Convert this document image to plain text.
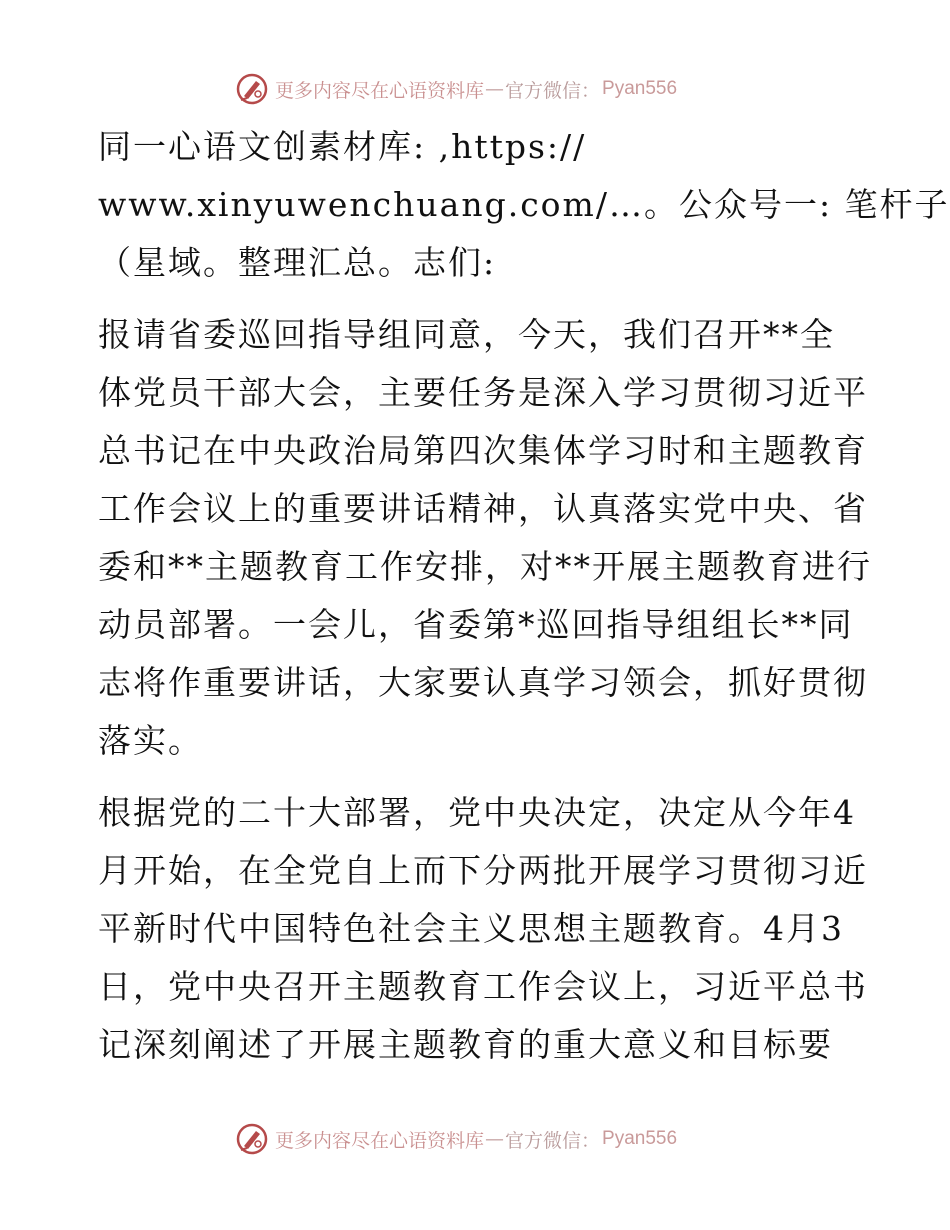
更多内容尽在心语资料库 — 官方微信： Pyan556
同一心语文创素材库: ,https://
www.xinyuwenchuang.com/…。公众号一: 笔杆子
（星域。整理汇总。志们:
报请省委巡回指导组同意，今天，我们召开**全
体党员干部大会，主要任务是深入学习贯彻习近平
总书记在中央政治局第四次集体学习时和主题教育
工作会议上的重要讲话精神，认真落实党中央、省
委和**主题教育工作安排，对**开展主题教育进行
动员部署。一会儿，省委第*巡回指导组组长**同
志将作重要讲话，大家要认真学习领会，抓好贯彻
落实。
根据党的二十大部署，党中央决定，决定从今年4
月开始，在全党自上而下分两批开展学习贯彻习近
平新时代中国特色社会主义思想主题教育。4月3
日，党中央召开主题教育工作会议上，习近平总书
记深刻阐述了开展主题教育的重大意义和目标要
更多内容尽在心语资料库 — 官方微信： Pyan556
